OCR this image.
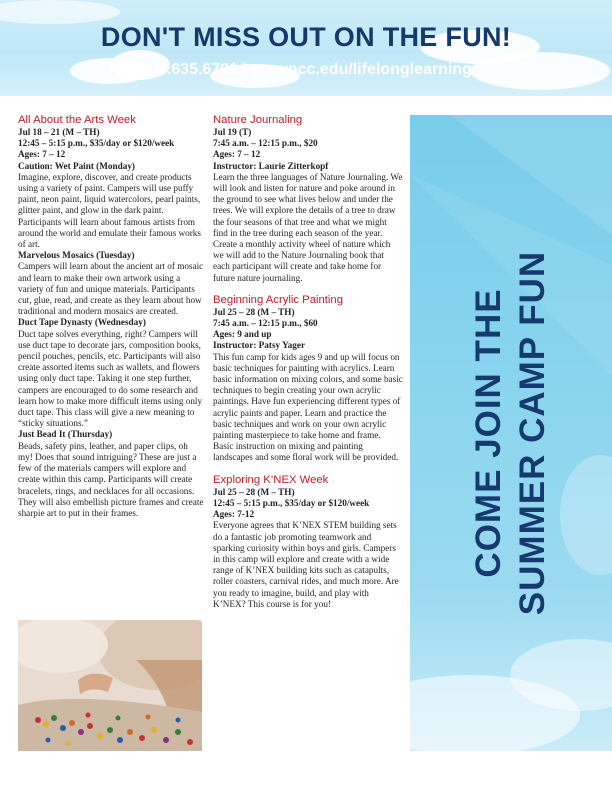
DON'T MISS OUT ON THE FUN!
308.635.6701 | go.wncc.edu/lifelonglearning

All About the Arts Week

Jul 18 – 21 (M – TH)

12:45 – 5:15 p.m., $35/day or $120/week

Ages: 7 – 12

Caution: Wet Paint (Monday)

Imagine, explore, discover, and create products using a variety of paint. Campers will use puffy paint, neon paint, liquid watercolors, pearl paints, glitter paint, and glow in the dark paint. Participants will learn about famous artists from around the world and emulate their famous works of art.

Marvelous Mosaics (Tuesday)

Campers will learn about the ancient art of mosaic and learn to make their own artwork using a variety of fun and unique materials. Participants cut, glue, read, and create as they learn about how traditional and modern mosaics are created.

Duct Tape Dynasty (Wednesday)

Duct tape solves everything, right? Campers will use duct tape to decorate jars, composition books, pencil pouches, pencils, etc. Participants will also create assorted items such as wallets, and flowers using only duct tape. Taking it one step further, campers are encouraged to do some research and learn how to make more difficult items using only duct tape. This class will give a new meaning to “sticky situations.”

Just Bead It (Thursday)

Beads, safety pins, leather, and paper clips, oh my! Does that sound intriguing? These are just a few of the materials campers will explore and create within this camp. Participants will create bracelets, rings, and necklaces for all occasions. They will also embellish picture frames and create sharpie art to put in their frames.

Nature Journaling

Jul 19 (T)

7:45 a.m. – 12:15 p.m., $20

Ages: 7 – 12

Instructor: Laurie Zitterkopf

Learn the three languages of Nature Journaling. We will look and listen for nature and poke around in the ground to see what lives below and under the trees. We will explore the details of a tree to draw the four seasons of that tree and what we might find in the tree during each season of the year. Create a monthly activity wheel of nature which we will add to the Nature Journaling book that each participant will create and take home for future nature journaling.

Beginning Acrylic Painting

Jul 25 – 28 (M – TH)

7:45 a.m. – 12:15 p.m., $60

Ages: 9 and up

Instructor: Patsy Yager

This fun camp for kids ages 9 and up will focus on basic techniques for painting with acrylics. Learn basic information on mixing colors, and some basic techniques to begin creating your own acrylic paintings. Have fun experiencing different types of acrylic paints and paper. Learn and practice the basic techniques and work on your own acrylic painting masterpiece to take home and frame. Basic instruction on mixing and painting landscapes and some floral work will be provided.

Exploring K’NEX Week

Jul 25 – 28 (M – TH)

12:45 – 5:15 p.m., $35/day or $120/week

Ages: 7-12

Everyone agrees that K’NEX STEM building sets do a fantastic job promoting teamwork and sparking curiosity within boys and girls. Campers in this camp will explore and create with a wide range of K’NEX building kits such as catapults, roller coasters, carnival rides, and much more. Are you ready to imagine, build, and play with K’NEX? This course is for you!

COME JOIN THE SUMMER CAMP FUN
